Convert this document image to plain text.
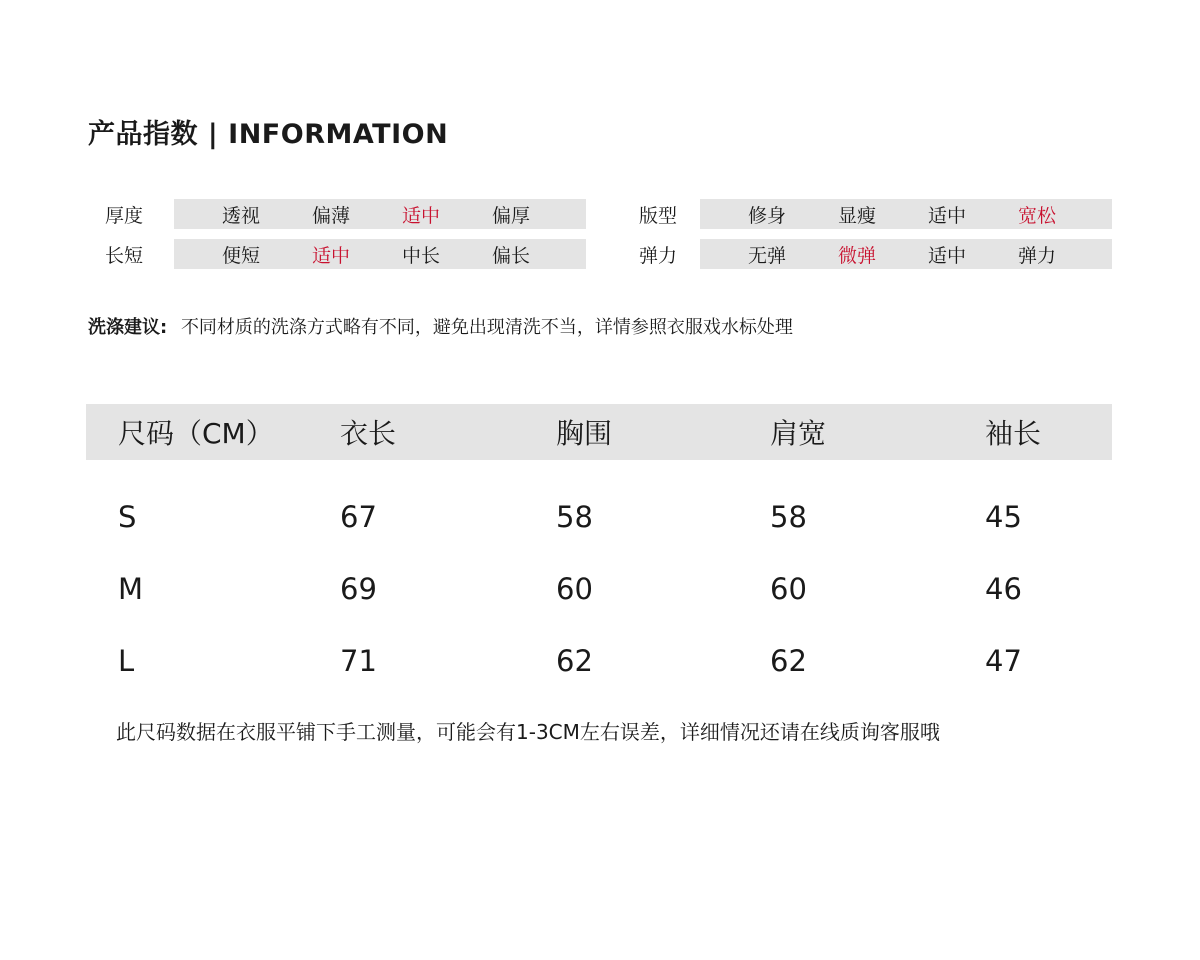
产品指数 | INFORMATION
厚度	透视	偏薄	适中	偏厚
长短	便短	适中	中长	偏长
版型	修身	显瘦	适中	宽松
弹力	无弹	微弹	适中	弹力
洗涤建议: 不同材质的洗涤方式略有不同，避免出现清洗不当，详情参照衣服戏水标处理
尺码（CM） 衣长	胸围	肩宽	袖长
S	67	58	58	45
M	69	60	60	46
L	71	62	62	47
此尺码数据在衣服平铺下手工测量，可能会有1-3CM左右误差，详细情况还请在线质询客服哦
